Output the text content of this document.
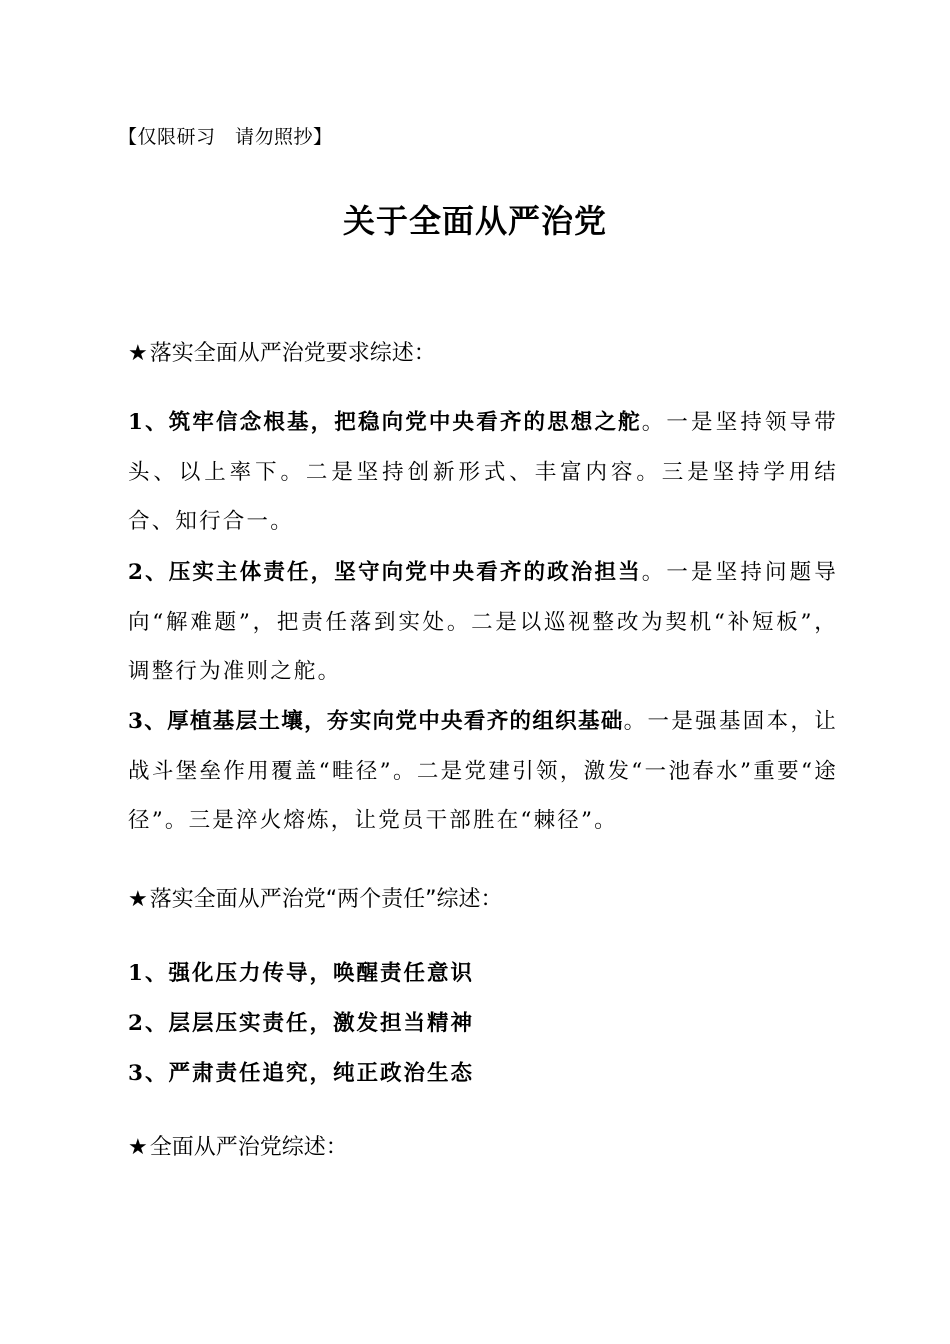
【仅限研习　请勿照抄】
关于全面从严治党
★落实全面从严治党要求综述：
1、筑牢信念根基，把稳向党中央看齐的思想之舵。一是坚持领导带头、以上率下。二是坚持创新形式、丰富内容。三是坚持学用结合、知行合一。
2、压实主体责任，坚守向党中央看齐的政治担当。一是坚持问题导向“解难题”，把责任落到实处。二是以巡视整改为契机“补短板”，调整行为准则之舵。
3、厚植基层土壤，夯实向党中央看齐的组织基础。一是强基固本，让战斗堡垒作用覆盖“畦径”。二是党建引领，激发“一池春水”重要“途径”。三是淬火熔炼，让党员干部胜在“棘径”。
★落实全面从严治党“两个责任”综述：
1、强化压力传导，唤醒责任意识
2、层层压实责任，激发担当精神
3、严肃责任追究，纯正政治生态
★全面从严治党综述：
